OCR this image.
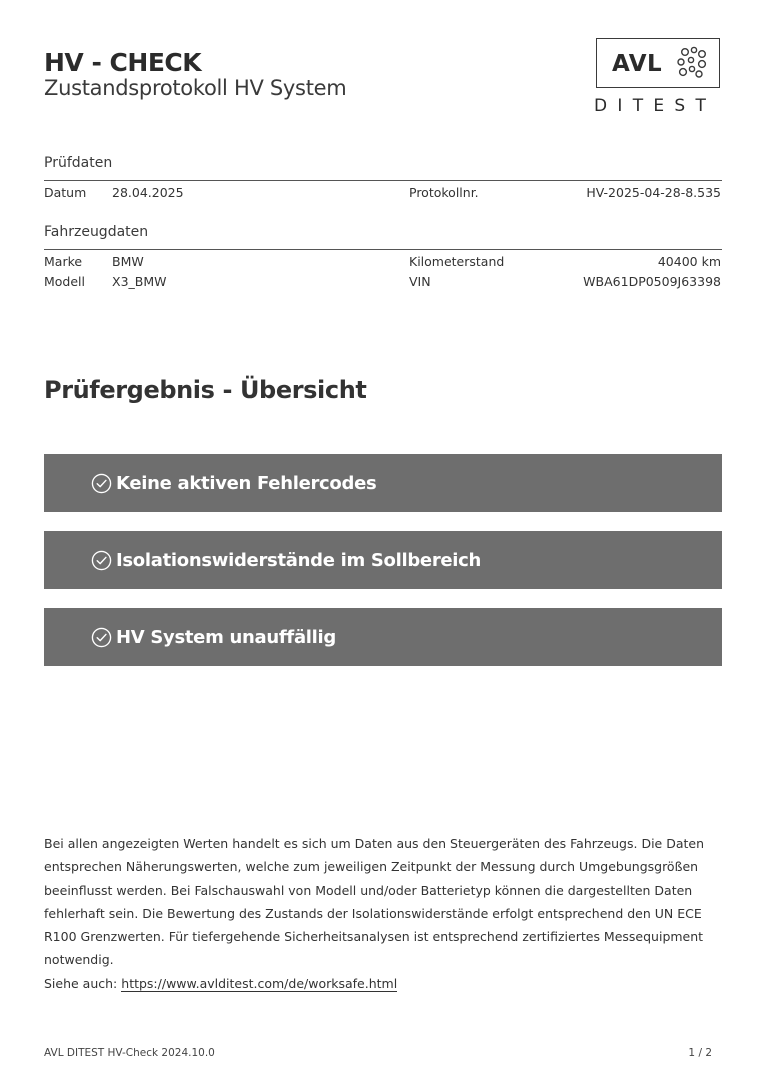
HV - CHECK
Zustandsprotokoll HV System
AVL
DITEST
Prüfdaten
Datum 28.04.2025	Protokollnr.	HV-2025-04-28-8.535
Fahrzeugdaten
Marke BMW	Kilometerstand	40400 km
Modell X3_BMW	VIN	WBA61DP0509J63398
Prüfergebnis - Übersicht
Keine aktiven Fehlercodes
Isolationswiderstände im Sollbereich
HV System unauffällig
Bei allen angezeigten Werten handelt es sich um Daten aus den Steuergeräten des Fahrzeugs. Die Daten entsprechen Näherungswerten, welche zum jeweiligen Zeitpunkt der Messung durch Umgebungsgrößen beeinflusst werden. Bei Falschauswahl von Modell und/oder Batterietyp können die dargestellten Daten fehlerhaft sein. Die Bewertung des Zustands der Isolationswiderstände erfolgt entsprechend den UN ECE R100 Grenzwerten. Für tiefergehende Sicherheitsanalysen ist entsprechend zertifiziertes Messequipment notwendig.
Siehe auch: https://www.avlditest.com/de/worksafe.html
AVL DITEST HV-Check 2024.10.0	1 / 2
